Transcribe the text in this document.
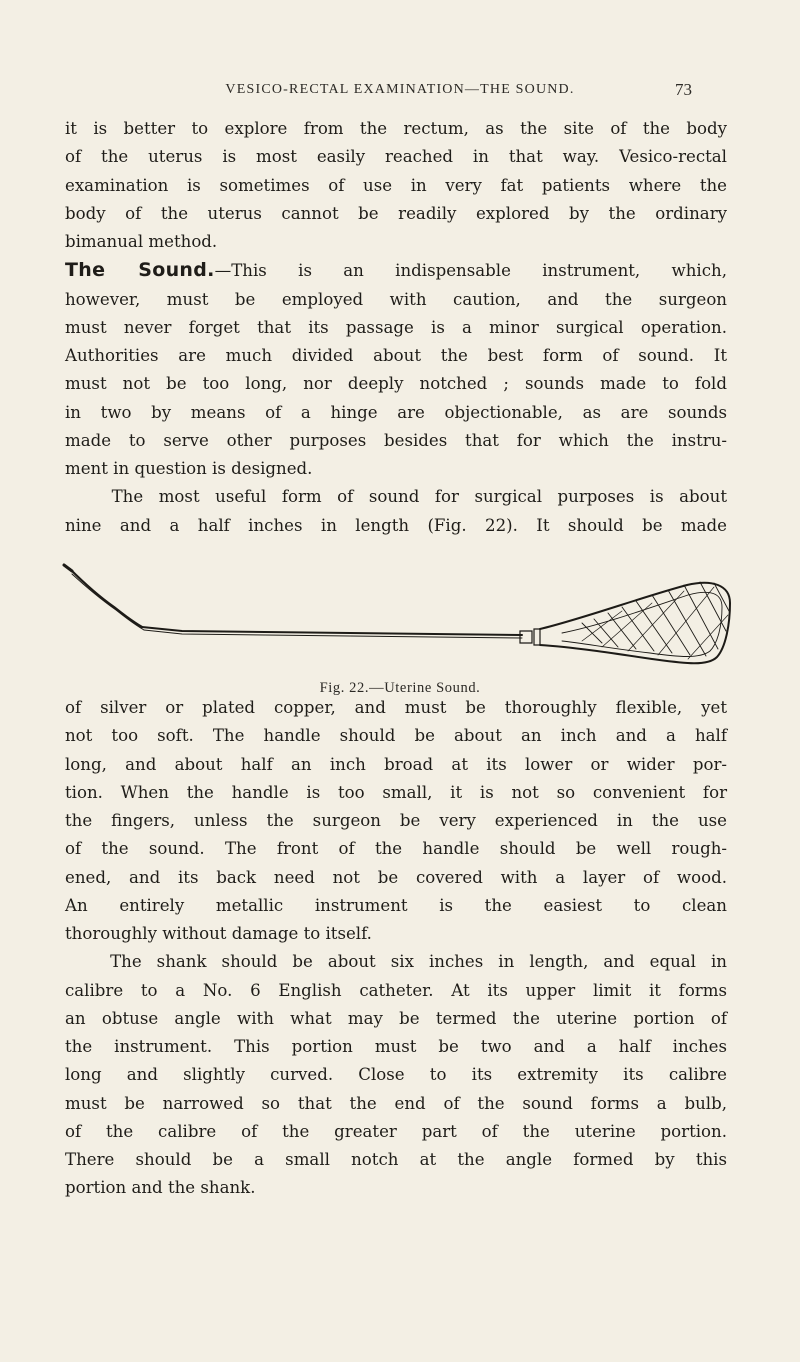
VESICO-RECTAL EXAMINATION—THE SOUND.	73
it is better to explore from the rectum, as the site of the body
of the uterus is most easily reached in that way. Vesico-rectal
examination is sometimes of use in very fat patients where the
body of the uterus cannot be readily explored by the ordinary
bimanual method.
The Sound.—This is an indispensable instrument, which,
however, must be employed with caution, and the surgeon
must never forget that its passage is a minor surgical operation.
Authorities are much divided about the best form of sound. It
must not be too long, nor deeply notched ; sounds made to fold
in two by means of a hinge are objectionable, as are sounds
made to serve other purposes besides that for which the instru-
ment in question is designed.
The most useful form of sound for surgical purposes is about
nine and a half inches in length (Fig. 22). It should be made
Fig. 22.—Uterine Sound.
of silver or plated copper, and must be thoroughly flexible, yet
not too soft. The handle should be about an inch and a half
long, and about half an inch broad at its lower or wider por-
tion. When the handle is too small, it is not so convenient for
the fingers, unless the surgeon be very experienced in the use
of the sound. The front of the handle should be well rough-
ened, and its back need not be covered with a layer of wood.
An entirely metallic instrument is the easiest to clean
thoroughly without damage to itself.
The shank should be about six inches in length, and equal in
calibre to a No. 6 English catheter. At its upper limit it forms
an obtuse angle with what may be termed the uterine portion of
the instrument. This portion must be two and a half inches
long and slightly curved. Close to its extremity its calibre
must be narrowed so that the end of the sound forms a bulb,
of the calibre of the greater part of the uterine portion.
There should be a small notch at the angle formed by this
portion and the shank.
